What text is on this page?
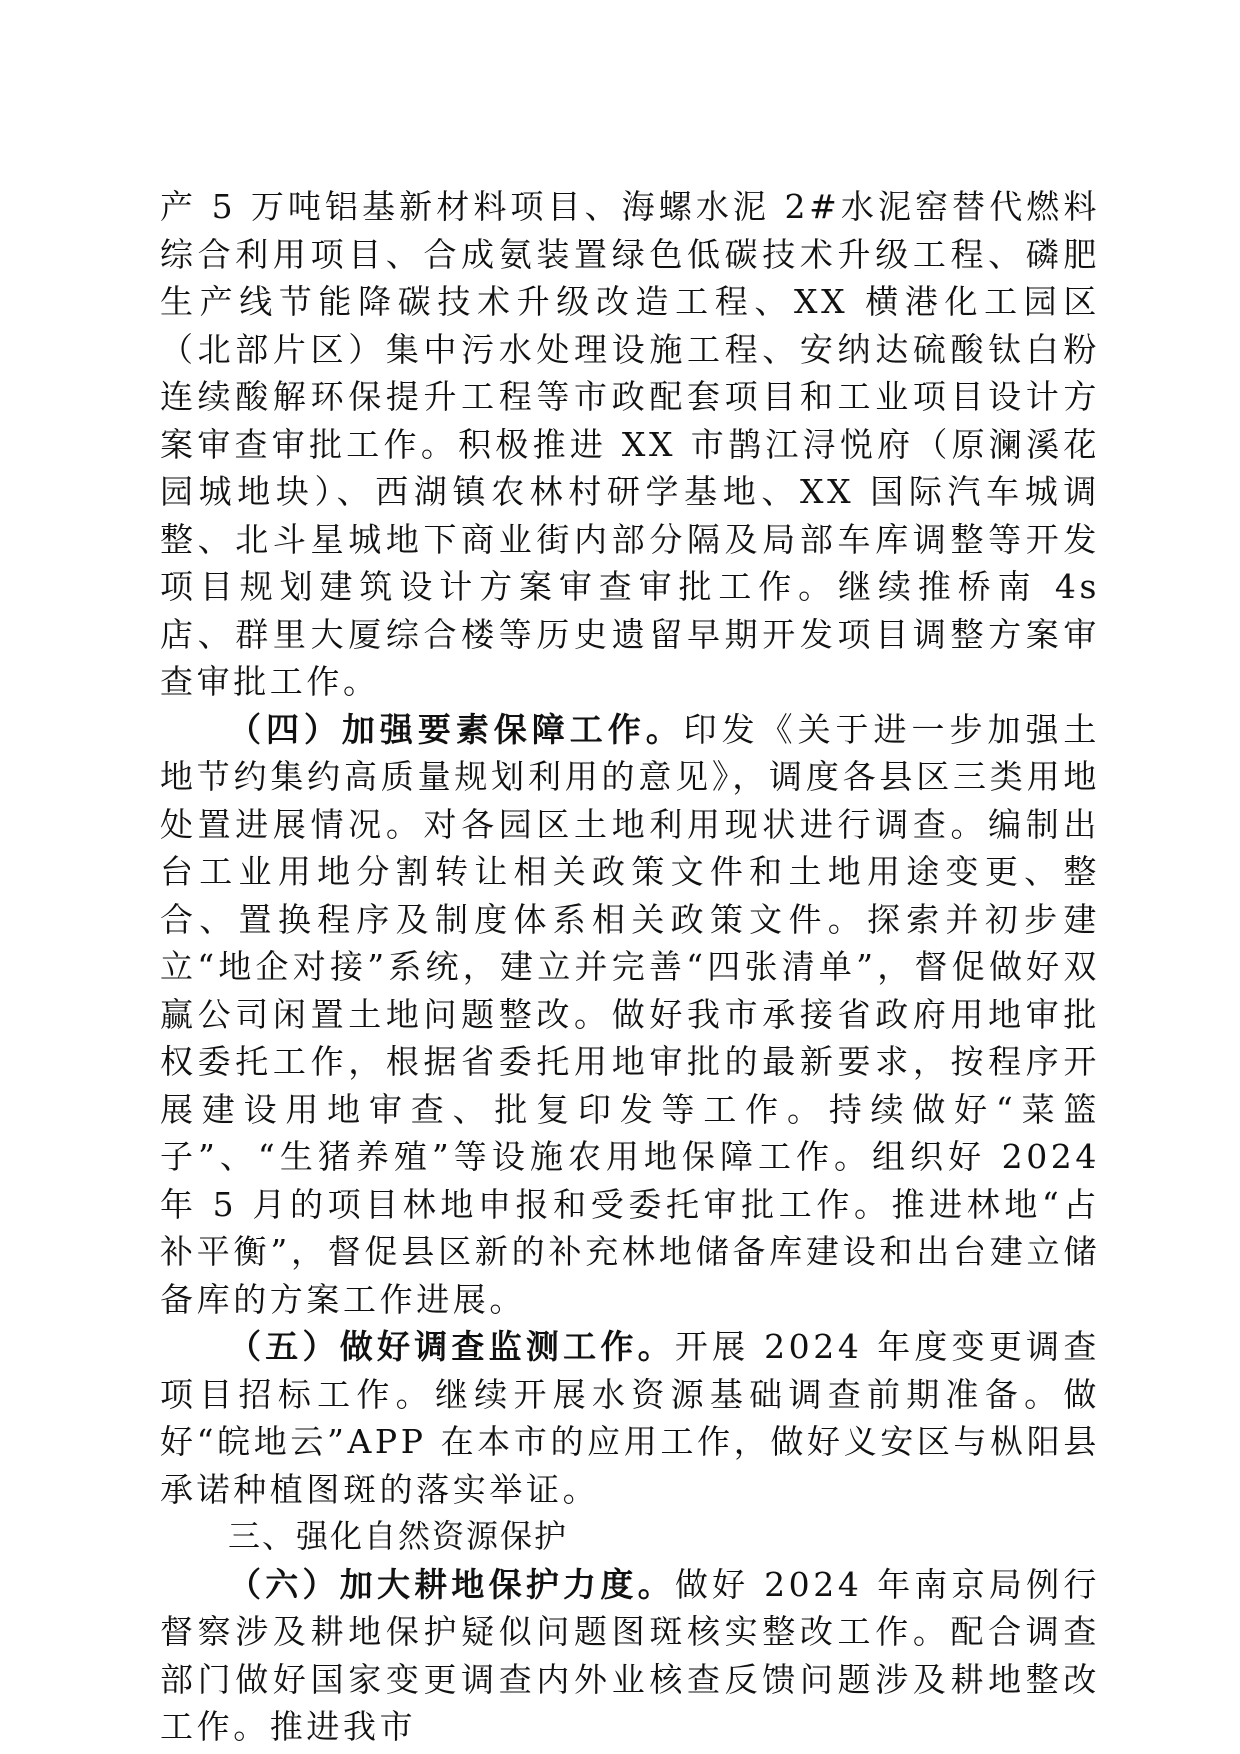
产 5 万吨铝基新材料项目、海螺水泥 2#水泥窑替代燃料综合利用项目、合成氨装置绿色低碳技术升级工程、磷肥生产线节能降碳技术升级改造工程、XX 横港化工园区（北部片区）集中污水处理设施工程、安纳达硫酸钛白粉连续酸解环保提升工程等市政配套项目和工业项目设计方案审查审批工作。积极推进 XX 市鹊江浔悦府（原澜溪花园城地块）、西湖镇农林村研学基地、XX 国际汽车城调整、北斗星城地下商业街内部分隔及局部车库调整等开发项目规划建筑设计方案审查审批工作。继续推桥南 4s 店、群里大厦综合楼等历史遗留早期开发项目调整方案审查审批工作。

（四）加强要素保障工作。印发《关于进一步加强土地节约集约高质量规划利用的意见》，调度各县区三类用地处置进展情况。对各园区土地利用现状进行调查。编制出台工业用地分割转让相关政策文件和土地用途变更、整合、置换程序及制度体系相关政策文件。探索并初步建立“地企对接”系统，建立并完善“四张清单”，督促做好双赢公司闲置土地问题整改。做好我市承接省政府用地审批权委托工作，根据省委托用地审批的最新要求，按程序开展建设用地审查、批复印发等工作。持续做好“菜篮子”、“生猪养殖”等设施农用地保障工作。组织好 2024 年 5 月的项目林地申报和受委托审批工作。推进林地“占补平衡”，督促县区新的补充林地储备库建设和出台建立储备库的方案工作进展。

（五）做好调查监测工作。开展 2024 年度变更调查项目招标工作。继续开展水资源基础调查前期准备。做好“皖地云”APP 在本市的应用工作，做好义安区与枞阳县承诺种植图斑的落实举证。

三、强化自然资源保护

（六）加大耕地保护力度。做好 2024 年南京局例行督察涉及耕地保护疑似问题图斑核实整改工作。配合调查部门做好国家变更调查内外业核查反馈问题涉及耕地整改工作。推进我市
